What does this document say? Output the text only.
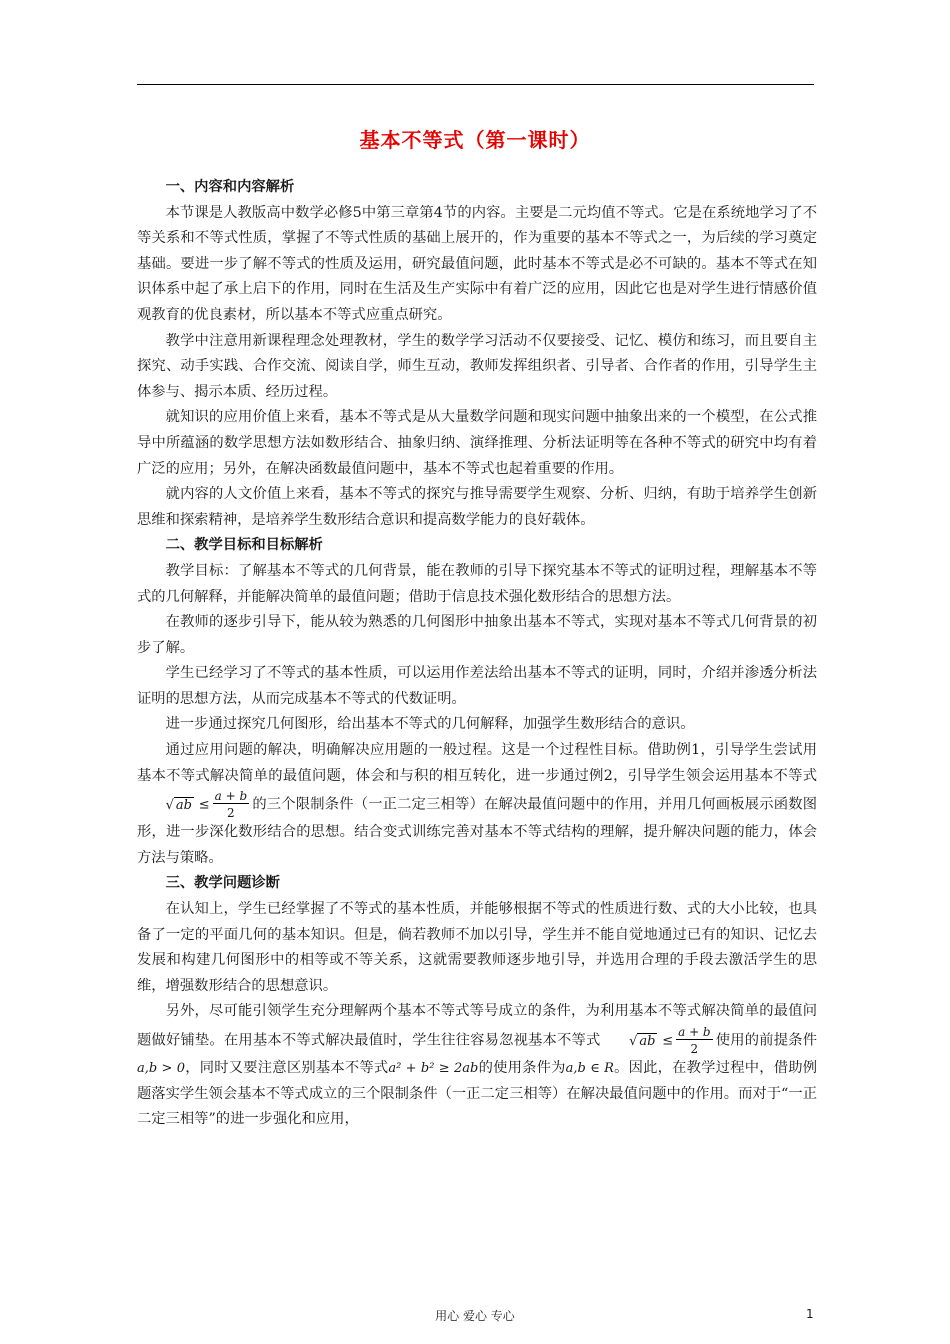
基本不等式（第一课时）
一、内容和内容解析

本节课是人教版高中数学必修5中第三章第4节的内容。主要是二元均值不等式。它是在系统地学习了不等关系和不等式性质，掌握了不等式性质的基础上展开的，作为重要的基本不等式之一，为后续的学习奠定基础。要进一步了解不等式的性质及运用，研究最值问题，此时基本不等式是必不可缺的。基本不等式在知识体系中起了承上启下的作用，同时在生活及生产实际中有着广泛的应用，因此它也是对学生进行情感价值观教育的优良素材，所以基本不等式应重点研究。

教学中注意用新课程理念处理教材，学生的数学学习活动不仅要接受、记忆、模仿和练习，而且要自主探究、动手实践、合作交流、阅读自学，师生互动，教师发挥组织者、引导者、合作者的作用，引导学生主体参与、揭示本质、经历过程。

就知识的应用价值上来看，基本不等式是从大量数学问题和现实问题中抽象出来的一个模型，在公式推导中所蕴涵的数学思想方法如数形结合、抽象归纳、演绎推理、分析法证明等在各种不等式的研究中均有着广泛的应用；另外，在解决函数最值问题中，基本不等式也起着重要的作用。

就内容的人文价值上来看，基本不等式的探究与推导需要学生观察、分析、归纳，有助于培养学生创新思维和探索精神，是培养学生数形结合意识和提高数学能力的良好载体。

二、教学目标和目标解析

教学目标：了解基本不等式的几何背景，能在教师的引导下探究基本不等式的证明过程，理解基本不等式的几何解释，并能解决简单的最值问题；借助于信息技术强化数形结合的思想方法。

在教师的逐步引导下，能从较为熟悉的几何图形中抽象出基本不等式，实现对基本不等式几何背景的初步了解。

学生已经学习了不等式的基本性质，可以运用作差法给出基本不等式的证明，同时，介绍并渗透分析法证明的思想方法，从而完成基本不等式的代数证明。

进一步通过探究几何图形，给出基本不等式的几何解释，加强学生数形结合的意识。

通过应用问题的解决，明确解决应用题的一般过程。这是一个过程性目标。借助例1，引导学生尝试用基本不等式解决简单的最值问题，体会和与积的相互转化，进一步通过例2，引导学生领会运用基本不等式√ ab ≤ $\frac{a + b}{2}$ 的三个限制条件（一正二定三相等）在解决最值问题中的作用，并用几何画板展示函数图形，进一步深化数形结合的思想。结合变式训练完善对基本不等式结构的理解，提升解决问题的能力，体会方法与策略。

三、教学问题诊断

在认知上，学生已经掌握了不等式的基本性质，并能够根据不等式的性质进行数、式的大小比较，也具备了一定的平面几何的基本知识。但是，倘若教师不加以引导，学生并不能自觉地通过已有的知识、记忆去发展和构建几何图形中的相等或不等关系，这就需要教师逐步地引导，并选用合理的手段去激活学生的思维，增强数形结合的思想意识。

另外，尽可能引领学生充分理解两个基本不等式等号成立的条件，为利用基本不等式解决简单的最值问题做好铺垫。在用基本不等式解决最值时，学生往往容易忽视基本不等式 √ ab ≤ $\frac{a + b}{2}$ 使用的前提条件a,b > 0，同时又要注意区别基本不等式a² + b² ≥ 2ab的使用条件为a,b ∈ R。因此，在教学过程中，借助例题落实学生领会基本不等式成立的三个限制条件（一正二定三相等）在解决最值问题中的作用。而对于“一正二定三相等”的进一步强化和应用，

用心 爱心 专心	1
